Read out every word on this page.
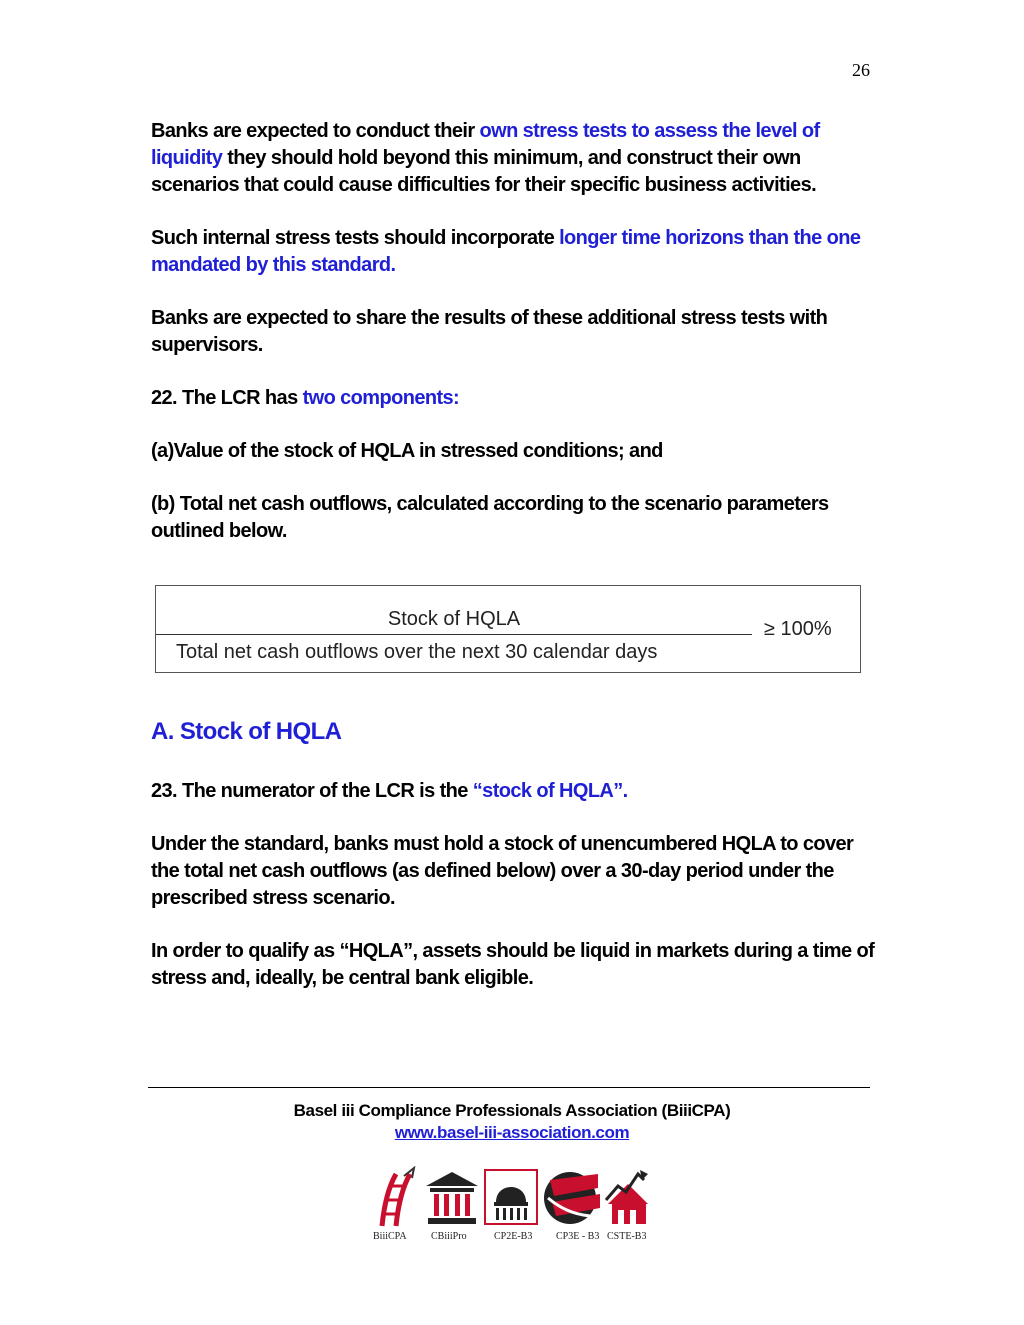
26

Banks are expected to conduct their own stress tests to assess the level of liquidity they should hold beyond this minimum, and construct their own scenarios that could cause difficulties for their specific business activities.

Such internal stress tests should incorporate longer time horizons than the one mandated by this standard.

Banks are expected to share the results of these additional stress tests with supervisors.

22. The LCR has two components:

(a)Value of the stock of HQLA in stressed conditions; and

(b) Total net cash outflows, calculated according to the scenario parameters outlined below.

Stock of HQLA
Total net cash outflows over the next 30 calendar days
≥ 100%
A. Stock of HQLA

23. The numerator of the LCR is the “stock of HQLA”.

Under the standard, banks must hold a stock of unencumbered HQLA to cover the total net cash outflows (as defined below) over a 30-day period under the prescribed stress scenario.

In order to qualify as “HQLA”, assets should be liquid in markets during a time of stress and, ideally, be central bank eligible.

Basel iii Compliance Professionals Association (BiiiCPA)
www.basel-iii-association.com
BiiiCPA CBiiiPro	CP2E-B3 CP3E - B3 CSTE-B3
